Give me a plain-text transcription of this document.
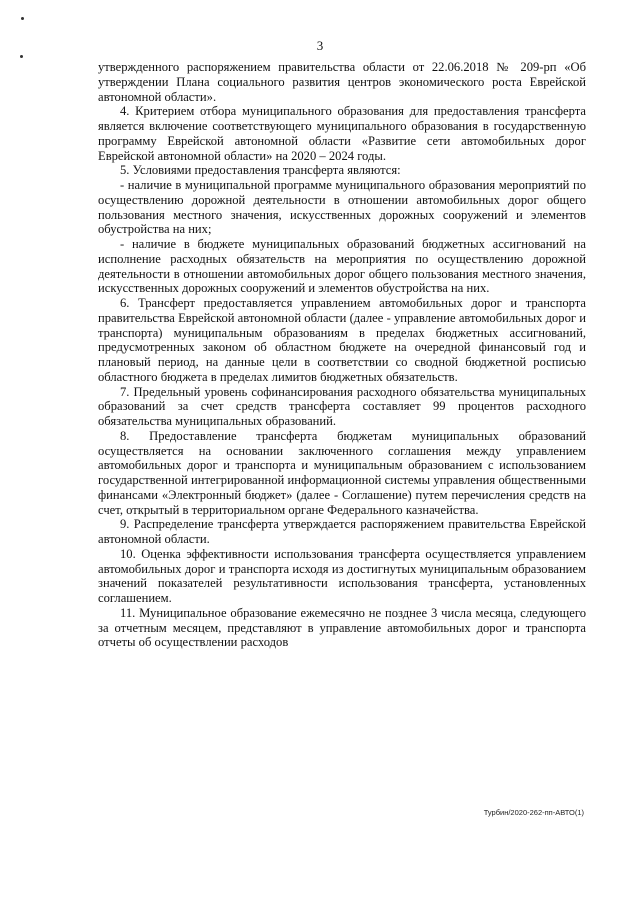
3

утвержденного распоряжением правительства области от 22.06.2018 № 209-рп «Об утверждении Плана социального развития центров экономического роста Еврейской автономной области».

4. Критерием отбора муниципального образования для предоставления трансферта является включение соответствующего муниципального образования в государственную программу Еврейской автономной области «Развитие сети автомобильных дорог Еврейской автономной области» на 2020 – 2024 годы.

5. Условиями предоставления трансферта являются:

- наличие в муниципальной программе муниципального образования мероприятий по осуществлению дорожной деятельности в отношении автомобильных дорог общего пользования местного значения, искусственных дорожных сооружений и элементов обустройства на них;

- наличие в бюджете муниципальных образований бюджетных ассигнований на исполнение расходных обязательств на мероприятия по осуществлению дорожной деятельности в отношении автомобильных дорог общего пользования местного значения, искусственных дорожных сооружений и элементов обустройства на них.

6. Трансферт предоставляется управлением автомобильных дорог и транспорта правительства Еврейской автономной области (далее - управление автомобильных дорог и транспорта) муниципальным образованиям в пределах бюджетных ассигнований, предусмотренных законом об областном бюджете на очередной финансовый год и плановый период, на данные цели в соответствии со сводной бюджетной росписью областного бюджета в пределах лимитов бюджетных обязательств.

7. Предельный уровень софинансирования расходного обязательства муниципальных образований за счет средств трансферта составляет 99 процентов расходного обязательства муниципальных образований.

8. Предоставление трансферта бюджетам муниципальных образований осуществляется на основании заключенного соглашения между управлением автомобильных дорог и транспорта и муниципальным образованием с использованием государственной интегрированной информационной системы управления общественными финансами «Электронный бюджет» (далее - Соглашение) путем перечисления средств на счет, открытый в территориальном органе Федерального казначейства.

9. Распределение трансферта утверждается распоряжением правительства Еврейской автономной области.

10. Оценка эффективности использования трансферта осуществляется управлением автомобильных дорог и транспорта исходя из достигнутых муниципальным образованием значений показателей результативности использования трансферта, установленных соглашением.

11. Муниципальное образование ежемесячно не позднее 3 числа месяца, следующего за отчетным месяцем, представляют в управление автомобильных дорог и транспорта отчеты об осуществлении расходов

Турбин/2020-262-пп-АВТО(1)
